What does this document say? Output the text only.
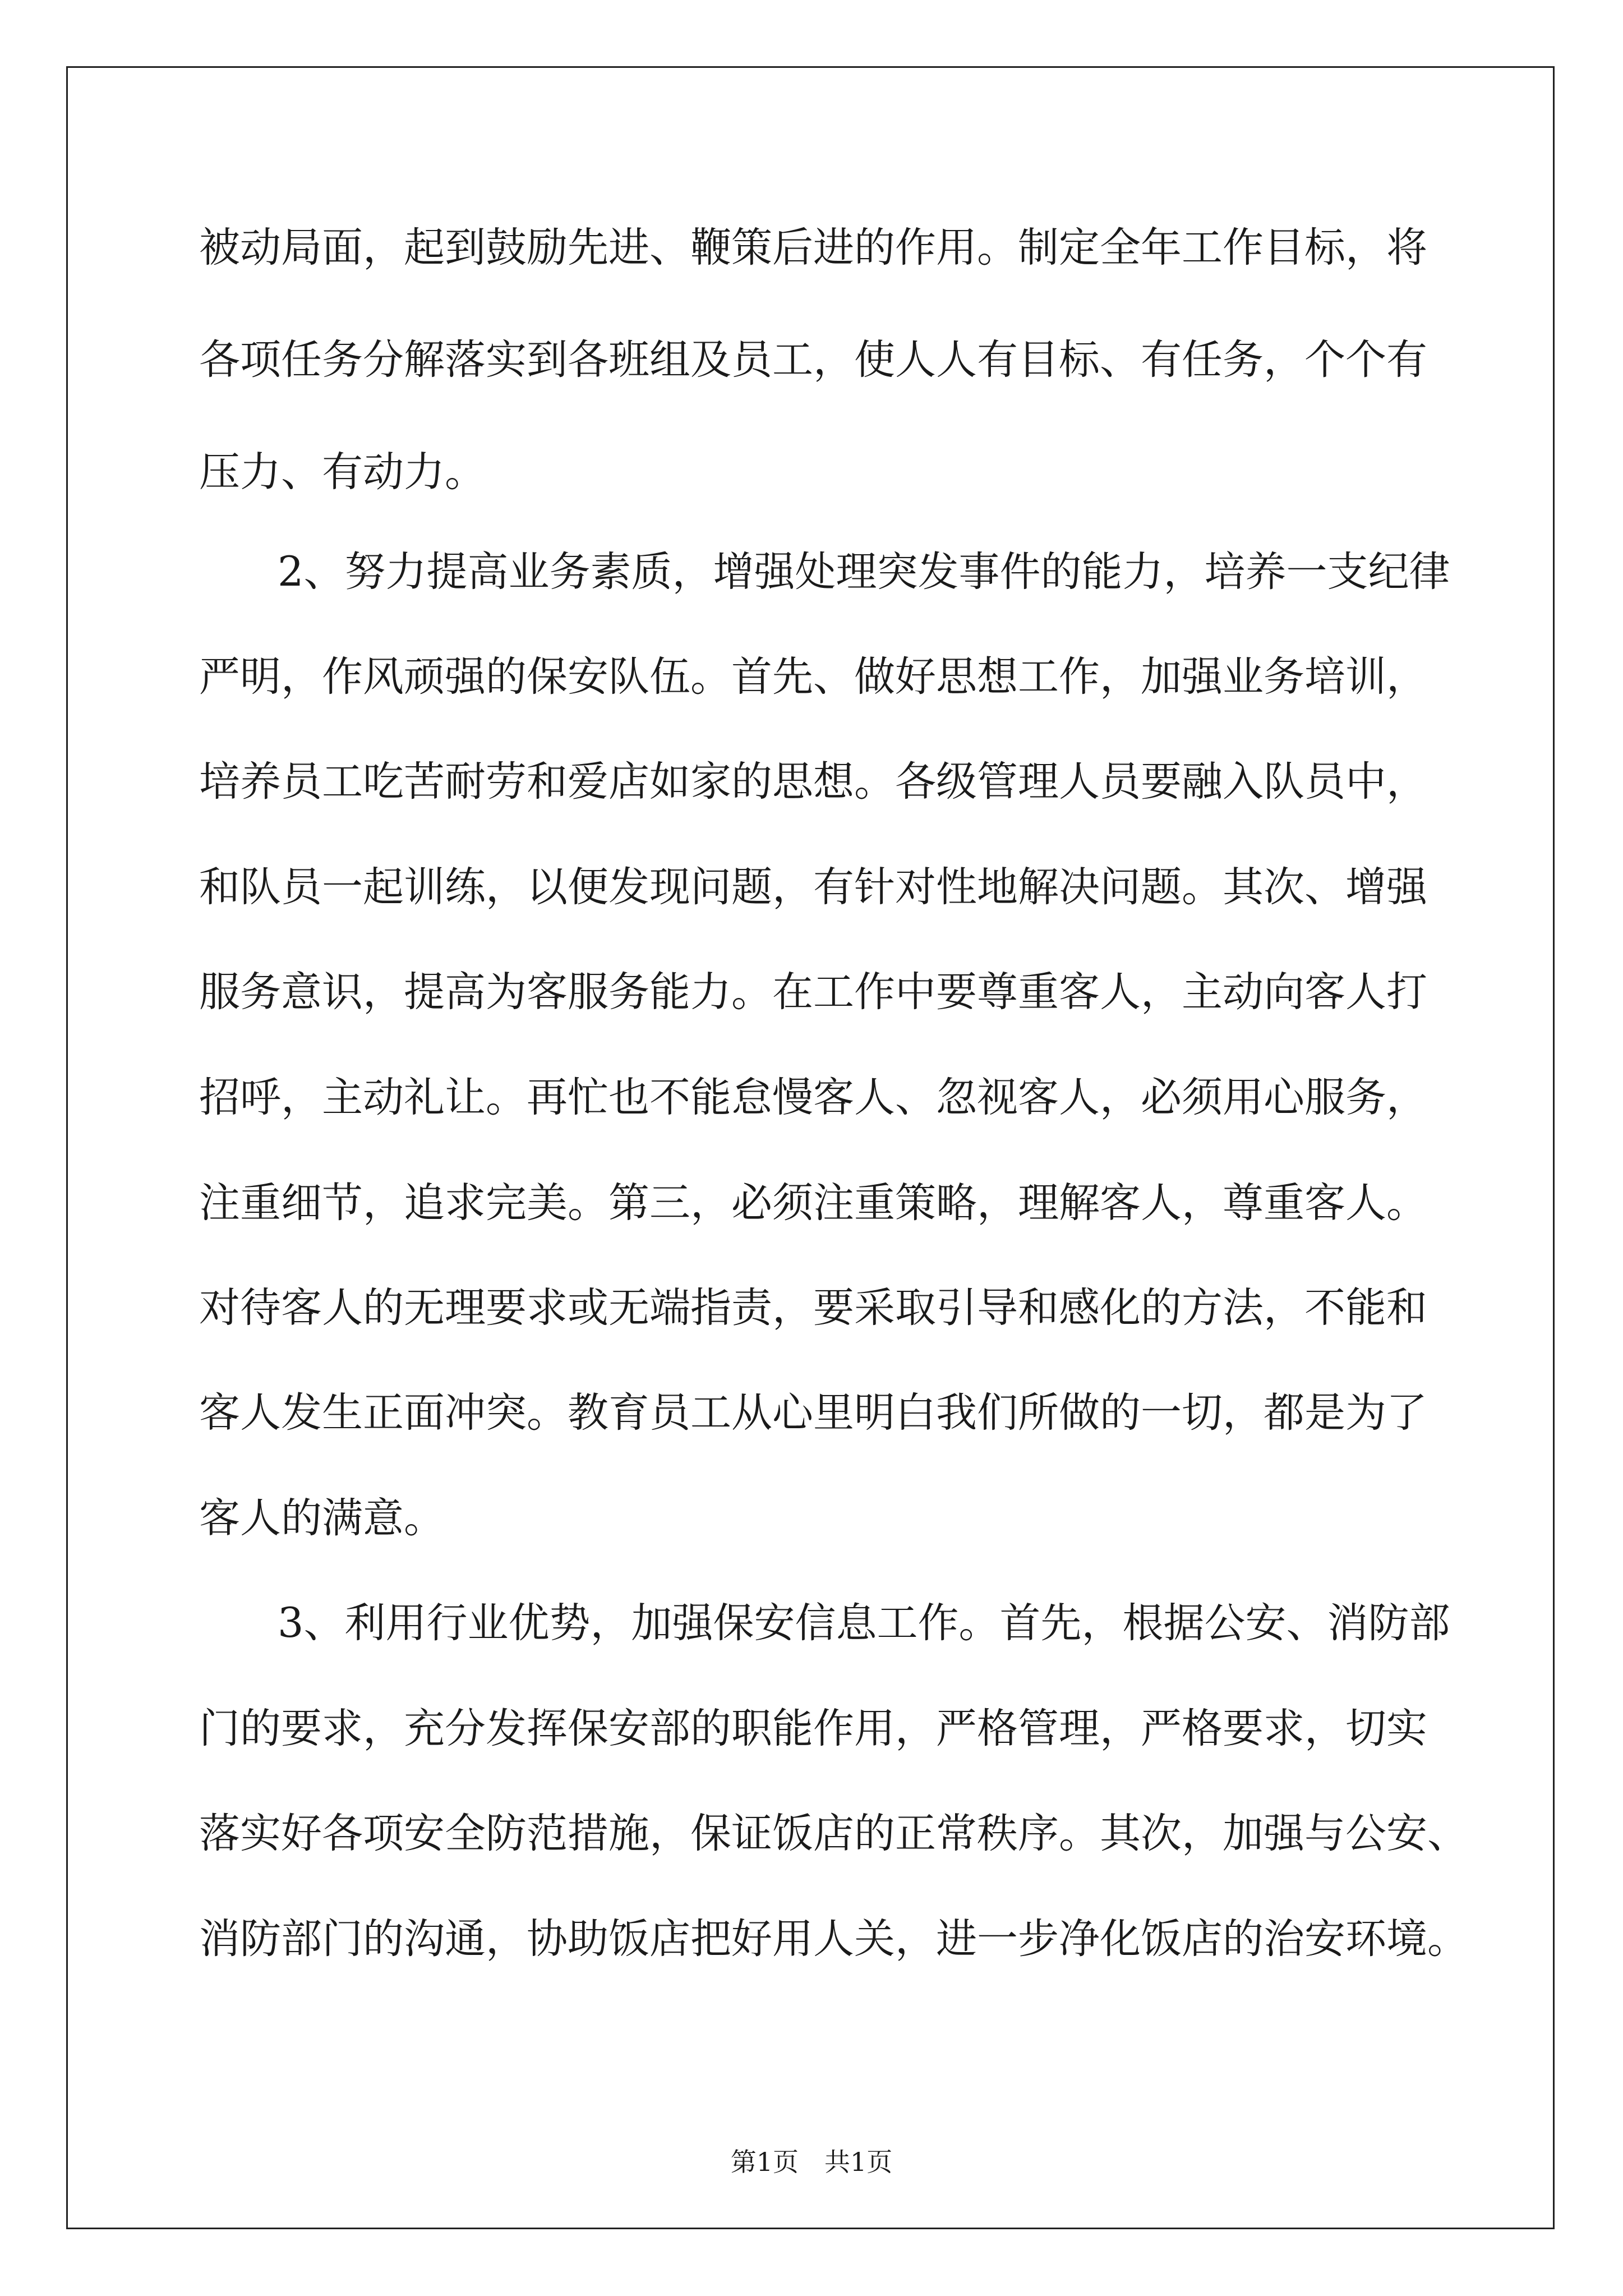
被动局面，起到鼓励先进、鞭策后进的作用。制定全年工作目标，将

各项任务分解落实到各班组及员工，使人人有目标、有任务，个个有

压力、有动力。

2、努力提高业务素质，增强处理突发事件的能力，培养一支纪律

严明，作风顽强的保安队伍。首先、做好思想工作，加强业务培训，

培养员工吃苦耐劳和爱店如家的思想。各级管理人员要融入队员中，

和队员一起训练，以便发现问题，有针对性地解决问题。其次、增强

服务意识，提高为客服务能力。在工作中要尊重客人，主动向客人打

招呼，主动礼让。再忙也不能怠慢客人、忽视客人，必须用心服务，

注重细节，追求完美。第三，必须注重策略，理解客人，尊重客人。

对待客人的无理要求或无端指责，要采取引导和感化的方法，不能和

客人发生正面冲突。教育员工从心里明白我们所做的一切，都是为了

客人的满意。

3、利用行业优势，加强保安信息工作。首先，根据公安、消防部

门的要求，充分发挥保安部的职能作用，严格管理，严格要求，切实

落实好各项安全防范措施，保证饭店的正常秩序。其次，加强与公安、

消防部门的沟通，协助饭店把好用人关，进一步净化饭店的治安环境。

第1页　共1页
